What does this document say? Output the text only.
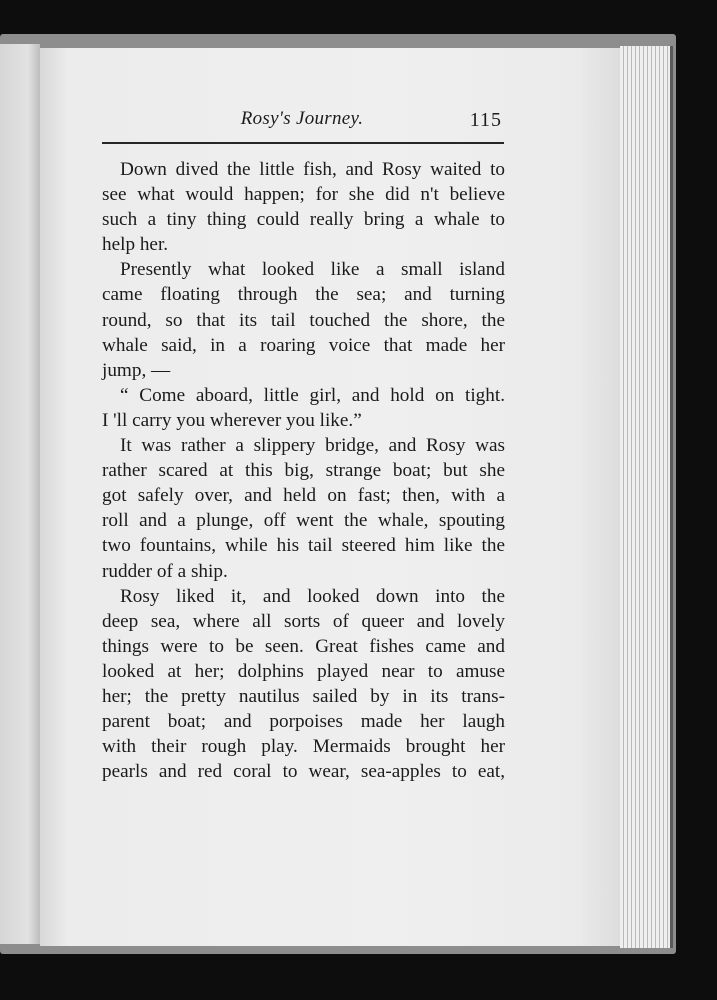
Rosy's Journey.	115
Down dived the little fish, and Rosy waited to
see what would happen; for she did n't believe
such a tiny thing could really bring a whale to
help her.
Presently what looked like a small island
came floating through the sea; and turning
round, so that its tail touched the shore, the
whale said, in a roaring voice that made her
jump, —
“ Come aboard, little girl, and hold on tight.
I 'll carry you wherever you like.”
It was rather a slippery bridge, and Rosy was
rather scared at this big, strange boat; but she
got safely over, and held on fast; then, with a
roll and a plunge, off went the whale, spouting
two fountains, while his tail steered him like the
rudder of a ship.
Rosy liked it, and looked down into the
deep sea, where all sorts of queer and lovely
things were to be seen. Great fishes came and
looked at her; dolphins played near to amuse
her; the pretty nautilus sailed by in its trans-
parent boat; and porpoises made her laugh
with their rough play. Mermaids brought her
pearls and red coral to wear, sea-apples to eat,
